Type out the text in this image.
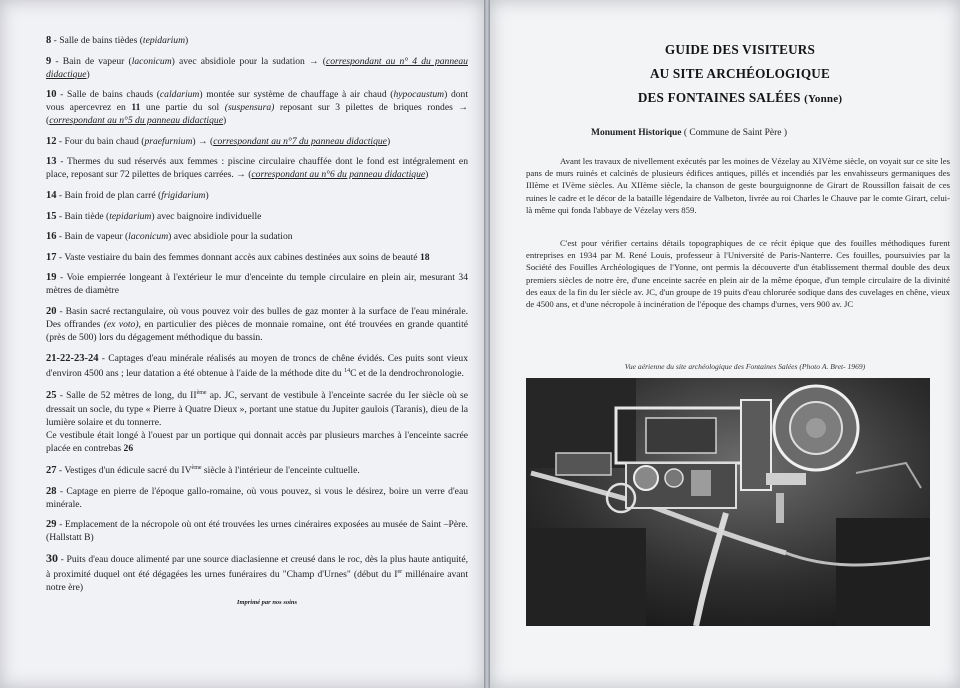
8 - Salle de bains tièdes (tepidarium)
9 - Bain de vapeur (laconicum) avec absidiole pour la sudation → (correspondant au n° 4 du panneau didactique)
10 - Salle de bains chauds (caldarium) montée sur système de chauffage à air chaud (hypocaustum) dont vous apercevrez en 11 une partie du sol (suspensura) reposant sur 3 pilettes de briques rondes → (correspondant au n°5 du panneau didactique)
12 - Four du bain chaud (praefurnium) → (correspondant au n°7 du panneau didactique)
13 - Thermes du sud réservés aux femmes : piscine circulaire chauffée dont le fond est intégralement en place, reposant sur 72 pilettes de briques carrées. → (correspondant au n°6 du panneau didactique)
14 - Bain froid de plan carré (frigidarium)
15 - Bain tiède (tepidarium) avec baignoire individuelle
16 - Bain de vapeur (laconicum) avec absidiole pour la sudation
17 - Vaste vestiaire du bain des femmes donnant accès aux cabines destinées aux soins de beauté 18
19 - Voie empierrée longeant à l'extérieur le mur d'enceinte du temple circulaire en plein air, mesurant 34 mètres de diamètre
20 - Basin sacré rectangulaire, où vous pouvez voir des bulles de gaz monter à la surface de l'eau minérale. Des offrandes (ex voto), en particulier des pièces de monnaie romaine, ont été trouvées en grande quantité (près de 500) lors du dégagement méthodique du bassin.
21-22-23-24 - Captages d'eau minérale réalisés au moyen de troncs de chêne évidés. Ces puits sont vieux d'environ 4500 ans ; leur datation a été obtenue à l'aide de la méthode dite du $^{14}$C et de la dendrochronologie.
25 - Salle de 52 mètres de long, du IIème ap. JC, servant de vestibule à l'enceinte sacrée du Ier siècle où se dressait un socle, du type « Pierre à Quatre Dieux », portant une statue du Jupiter gaulois (Taranis), dieu de la lumière solaire et du tonnerre.
Ce vestibule était longé à l'ouest par un portique qui donnait accès par plusieurs marches à l'enceinte sacrée placée en contrebas 26
27 - Vestiges d'un édicule sacré du IVème siècle à l'intérieur de l'enceinte cultuelle.
28 - Captage en pierre de l'époque gallo-romaine, où vous pouvez, si vous le désirez, boire un verre d'eau minérale.
29 - Emplacement de la nécropole où ont été trouvées les urnes cinéraires exposées au musée de Saint –Père.(Hallstatt B)
30 - Puits d'eau douce alimenté par une source diaclasienne et creusé dans le roc, dès la plus haute antiquité, à proximité duquel ont été dégagées les urnes funéraires du "Champ d'Urnes" (début du Ier millénaire avant notre ère)
Imprimé par nos soins
GUIDE DES VISITEURS
AU SITE ARCHÉOLOGIQUE
DES FONTAINES SALÉES (Yonne)
Monument Historique ( Commune de Saint Père )
Avant les travaux de nivellement exécutés par les moines de Vézelay au XIVème siècle, on voyait sur ce site les pans de murs ruinés et calcinés de plusieurs édifices antiques, pillés et incendiés par les envahisseurs germaniques des IIIème et IVème siècles. Au XIIème siècle, la chanson de geste bourguignonne de Girart de Roussillon faisait de ces ruines le cadre et le décor de la bataille légendaire de Valbeton, livrée au roi Charles le Chauve par le comte Girart, celui-là même qui fonda l'abbaye de Vézelay vers 859.
C'est pour vérifier certains détails topographiques de ce récit épique que des fouilles méthodiques furent entreprises en 1934 par M. René Louis, professeur à l'Université de Paris-Nanterre. Ces fouilles, poursuivies par la Société des Fouilles Archéologiques de l'Yonne, ont permis la découverte d'un établissement thermal double des deux premiers siècles de notre ère, d'une enceinte sacrée en plein air de la même époque, d'un temple circulaire de la divinité des eaux de la fin du Ier siècle av. JC, d'un groupe de 19 puits d'eau chlorurée sodique dans des cuvelages en chêne, vieux de 4500 ans, et d'une nécropole à incinération de l'époque des champs d'urnes, vers 900 av. JC
Vue aérienne du site archéologique des Fontaines Salées (Photo A. Bret- 1969)
